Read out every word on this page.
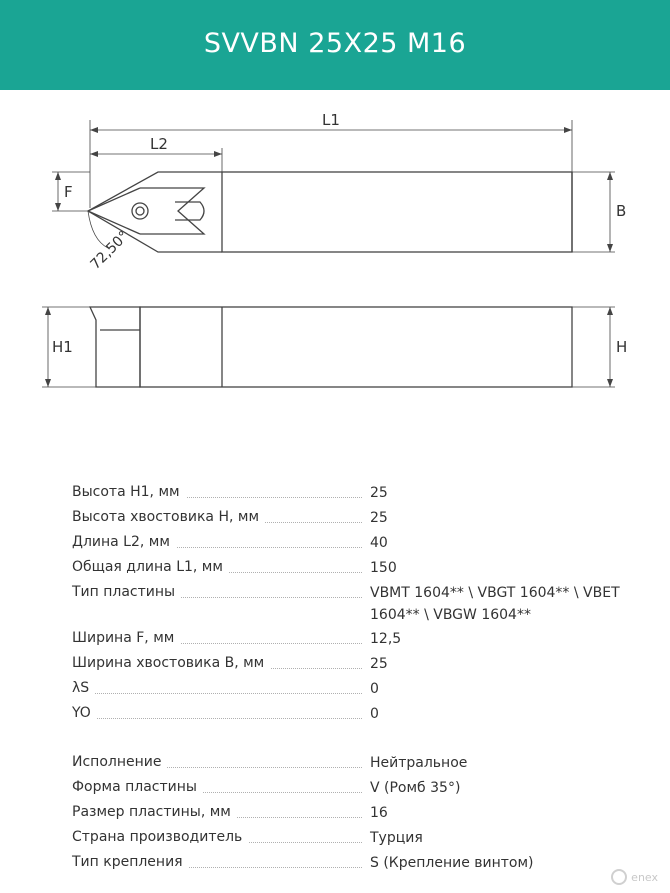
SVVBN 25X25 M16
L1
L2
F
B
H1	H
72,50°
Высота H1, мм	25
Высота хвостовика H, мм	25
Длина L2, мм	40
Общая длина L1, мм	150
Тип пластины	VBMT 1604** \ VBGT 1604** \ VBET 1604** \ VBGW 1604**
Ширина F, мм	12,5
Ширина хвостовика B, мм	25
λS	0
YO	0
Исполнение	Нейтральное
Форма пластины	V (Ромб 35°)
Размер пластины, мм	16
Страна производитель	Турция
Тип крепления	S (Крепление винтом)
enex
